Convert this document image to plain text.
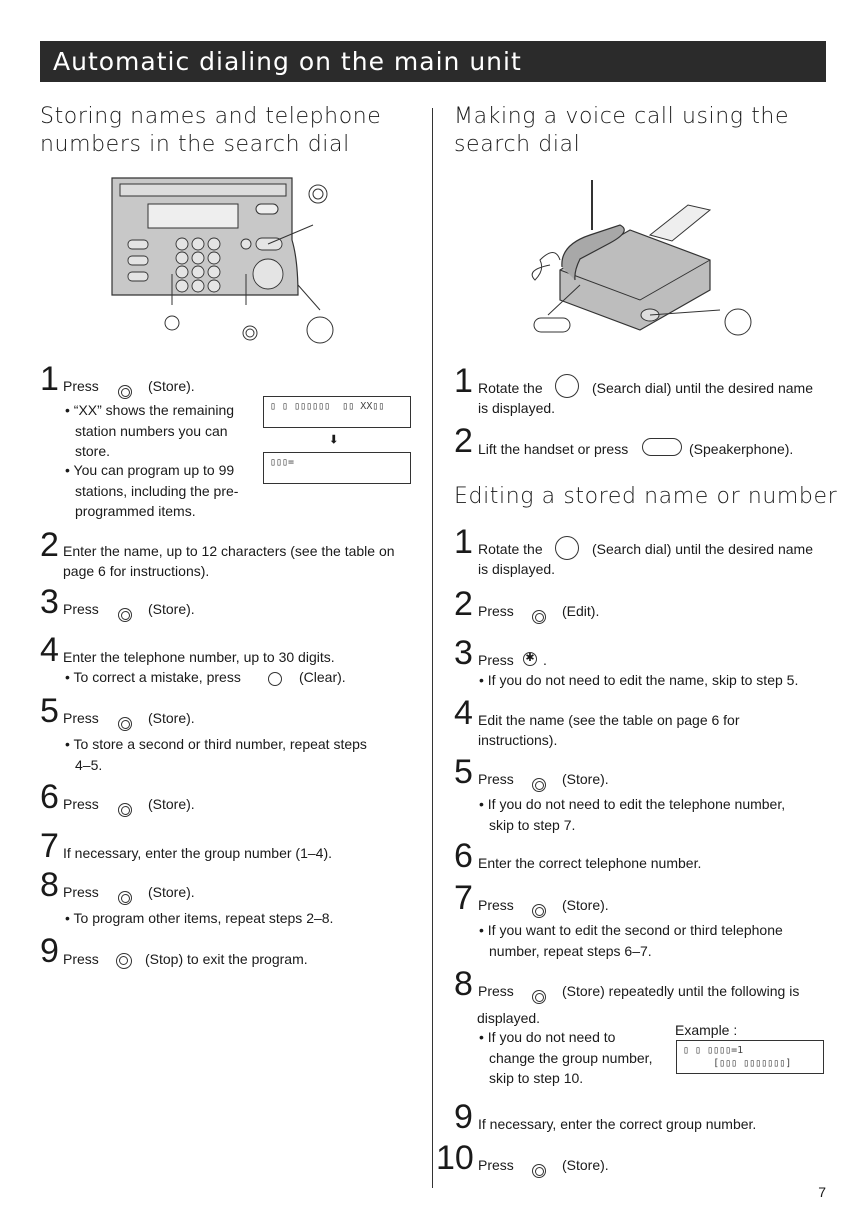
Automatic dialing on the main unit
Storing names and telephone
numbers in the search dial
1 Press	(Store).
• “XX” shows the remaining
station numbers you can
store.
• You can program up to 99
stations, including the pre-
programmed items.
▯ ▯ ▯▯▯▯▯▯  ▯▯ XX▯▯
➡
▯▯▯=
2 Enter the name, up to 12 characters (see the table on
page 6 for instructions).
3 Press	(Store).
4 Enter the telephone number, up to 30 digits.
• To correct a mistake, press	(Clear).
5 Press	(Store).
• To store a second or third number, repeat steps
4–5.
6 Press	(Store).
7 If necessary, enter the group number (1–4).
8 Press	(Store).
• To program other items, repeat steps 2–8.
9 Press	(Stop) to exit the program.
Making a voice call using the
search dial
1 Rotate the	(Search dial) until the desired name
is displayed.
2 Lift the handset or press	(Speakerphone).
Editing a stored name or number
1 Rotate the	(Search dial) until the desired name
is displayed.
2 Press	(Edit).
3 Press ✱ .
• If you do not need to edit the name, skip to step 5.
4 Edit the name (see the table on page 6 for
instructions).
5 Press	(Store).
• If you do not need to edit the telephone number,
skip to step 7.
6 Enter the correct telephone number.
7 Press	(Store).
• If you want to edit the second or third telephone
number, repeat steps 6–7.
8 Press	(Store) repeatedly until the following is
displayed.
• If you do not need to
change the group number,
skip to step 10.
Example :
▯ ▯ ▯▯▯▯=1
[▯▯▯ ▯▯▯▯▯▯▯]
9 If necessary, enter the correct group number.
10 Press	(Store).
7
